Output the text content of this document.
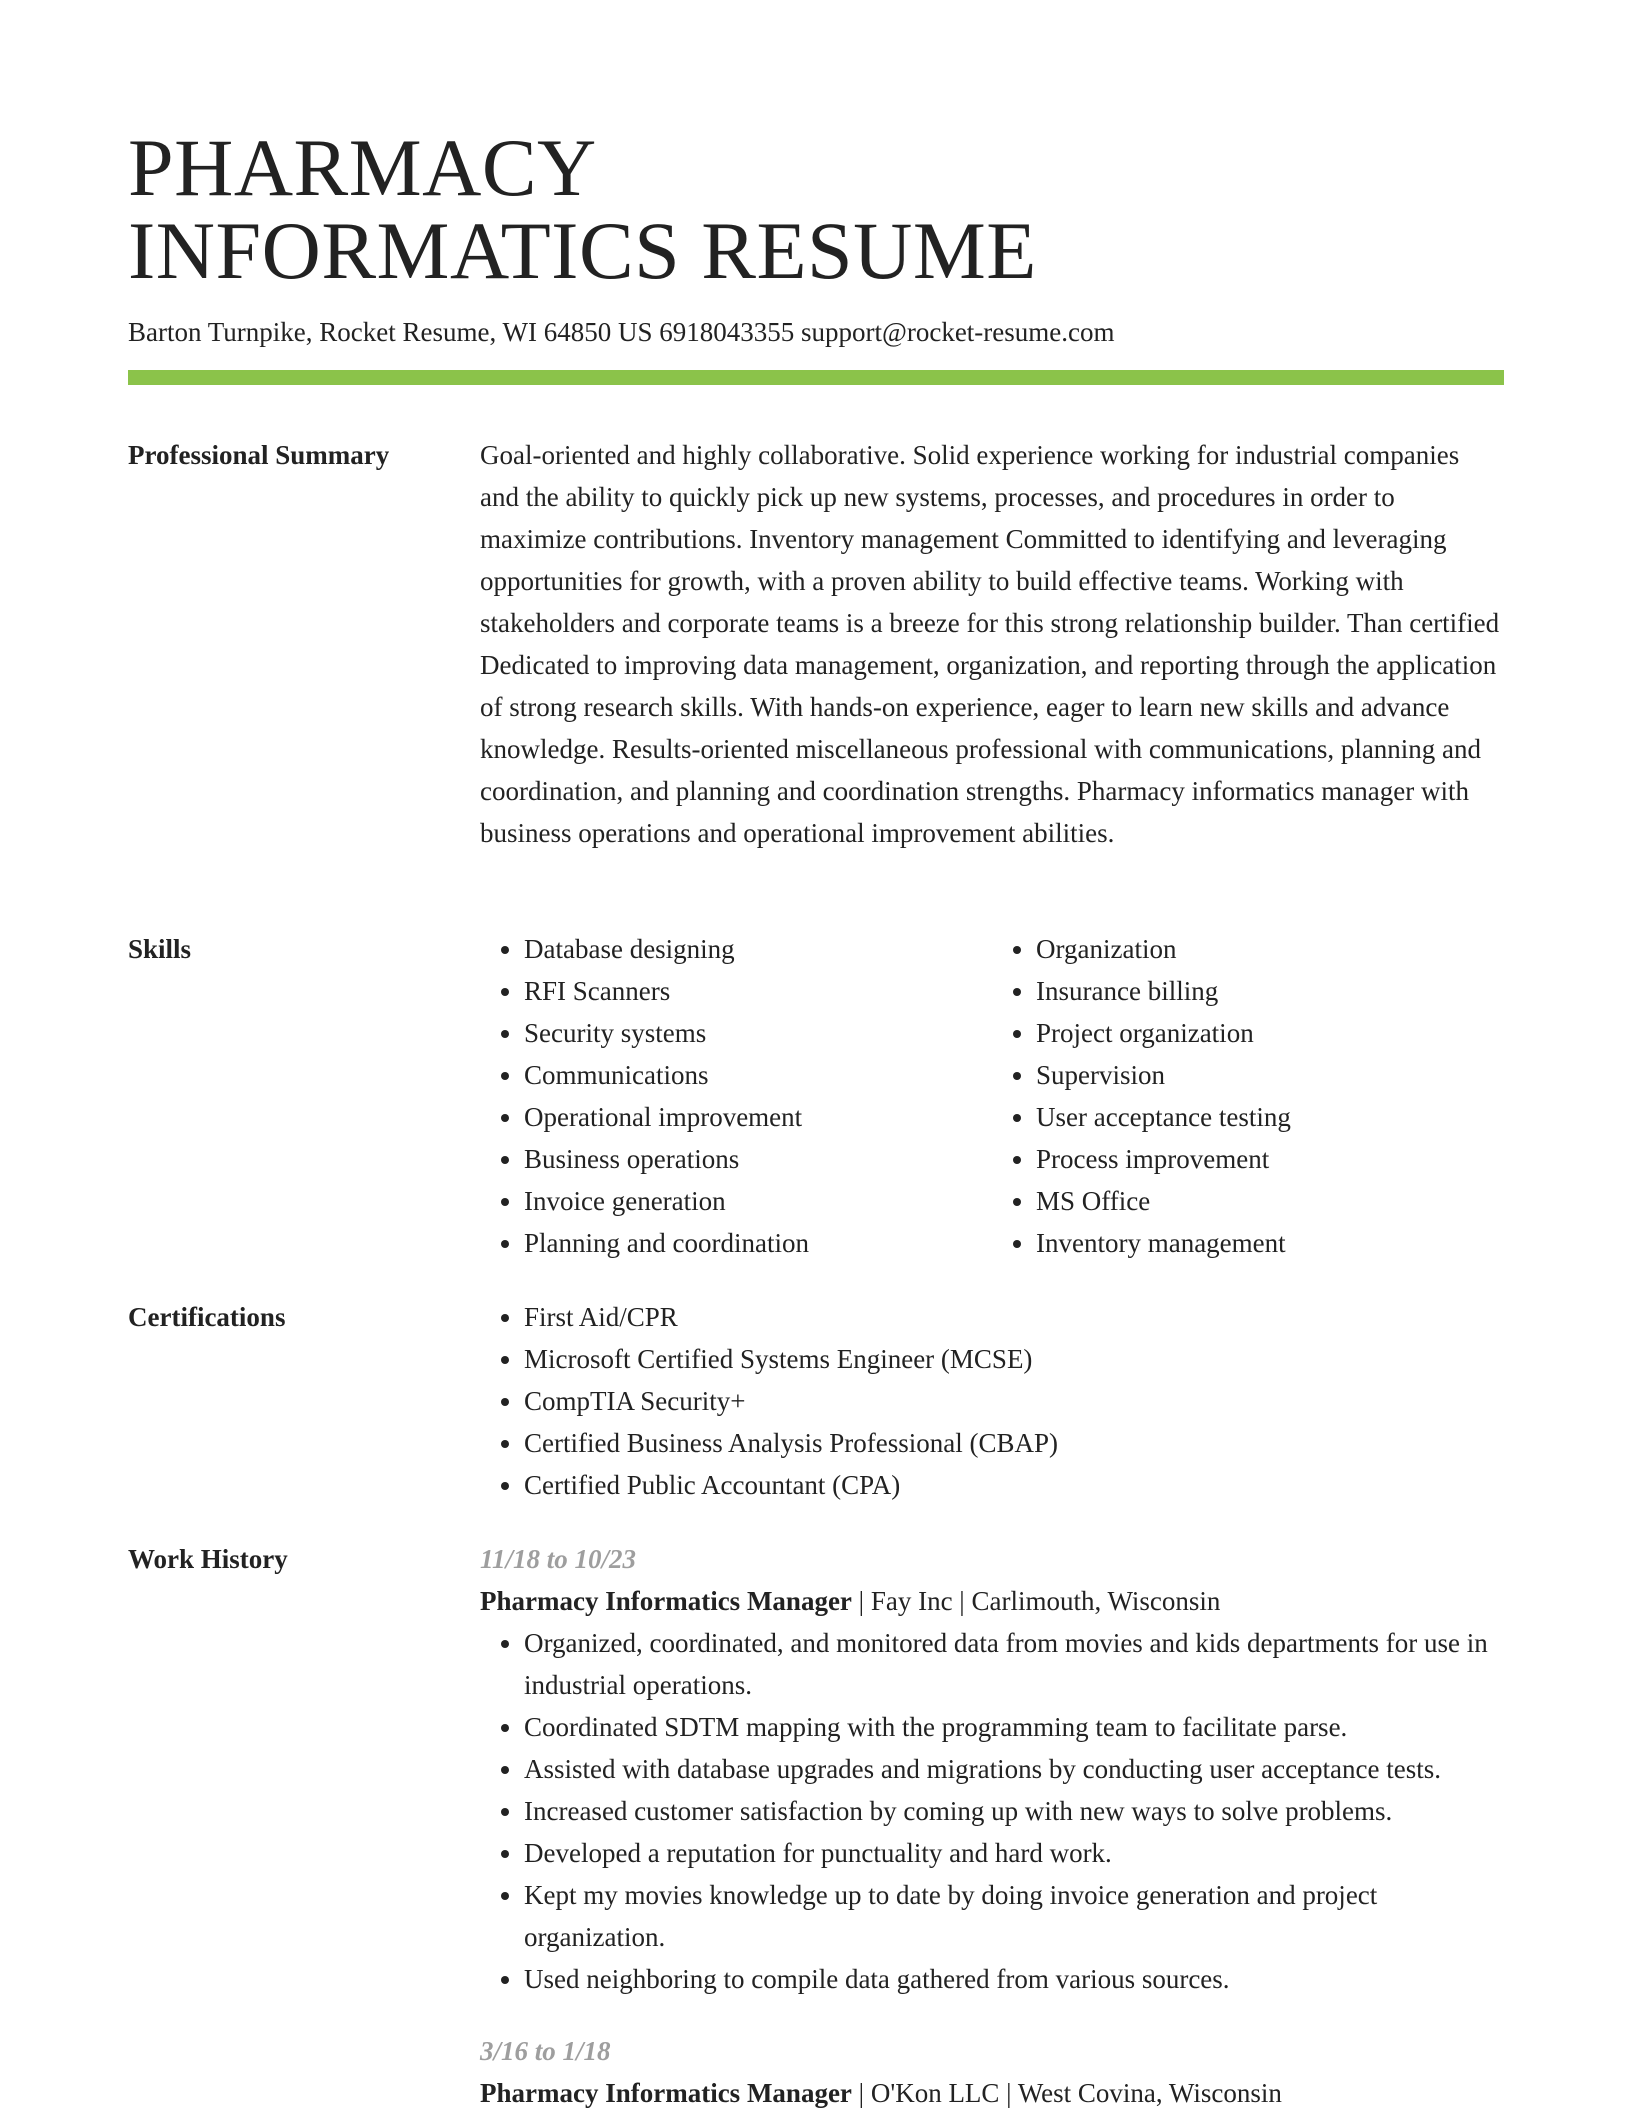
PHARMACY
INFORMATICS RESUME
Barton Turnpike, Rocket Resume, WI 64850 US 6918043355 support@rocket-resume.com
Professional Summary	Goal-oriented and highly collaborative. Solid experience working for industrial companies and the ability to quickly pick up new systems, processes, and procedures in order to maximize contributions. Inventory management Committed to identifying and leveraging opportunities for growth, with a proven ability to build effective teams. Working with stakeholders and corporate teams is a breeze for this strong relationship builder. Than certified Dedicated to improving data management, organization, and reporting through the application of strong research skills. With hands-on experience, eager to learn new skills and advance knowledge. Results-oriented miscellaneous professional with communications, planning and coordination, and planning and coordination strengths. Pharmacy informatics manager with business operations and operational improvement abilities.

Skills	• Database designing
• RFI Scanners
• Security systems
• Communications
• Operational improvement
• Business operations
• Invoice generation
• Planning and coordination
• Organization
• Insurance billing
• Project organization
• Supervision
• User acceptance testing
• Process improvement
• MS Office
• Inventory management
Certifications	• First Aid/CPR
• Microsoft Certified Systems Engineer (MCSE)
• CompTIA Security+
• Certified Business Analysis Professional (CBAP)
• Certified Public Accountant (CPA)
Work History	11/18 to 10/23
Pharmacy Informatics Manager | Fay Inc | Carlimouth, Wisconsin
• Organized, coordinated, and monitored data from movies and kids departments for use in industrial operations.
• Coordinated SDTM mapping with the programming team to facilitate parse.
• Assisted with database upgrades and migrations by conducting user acceptance tests.
• Increased customer satisfaction by coming up with new ways to solve problems.
• Developed a reputation for punctuality and hard work.
• Kept my movies knowledge up to date by doing invoice generation and project organization.
• Used neighboring to compile data gathered from various sources.
3/16 to 1/18
Pharmacy Informatics Manager | O'Kon LLC | West Covina, Wisconsin
